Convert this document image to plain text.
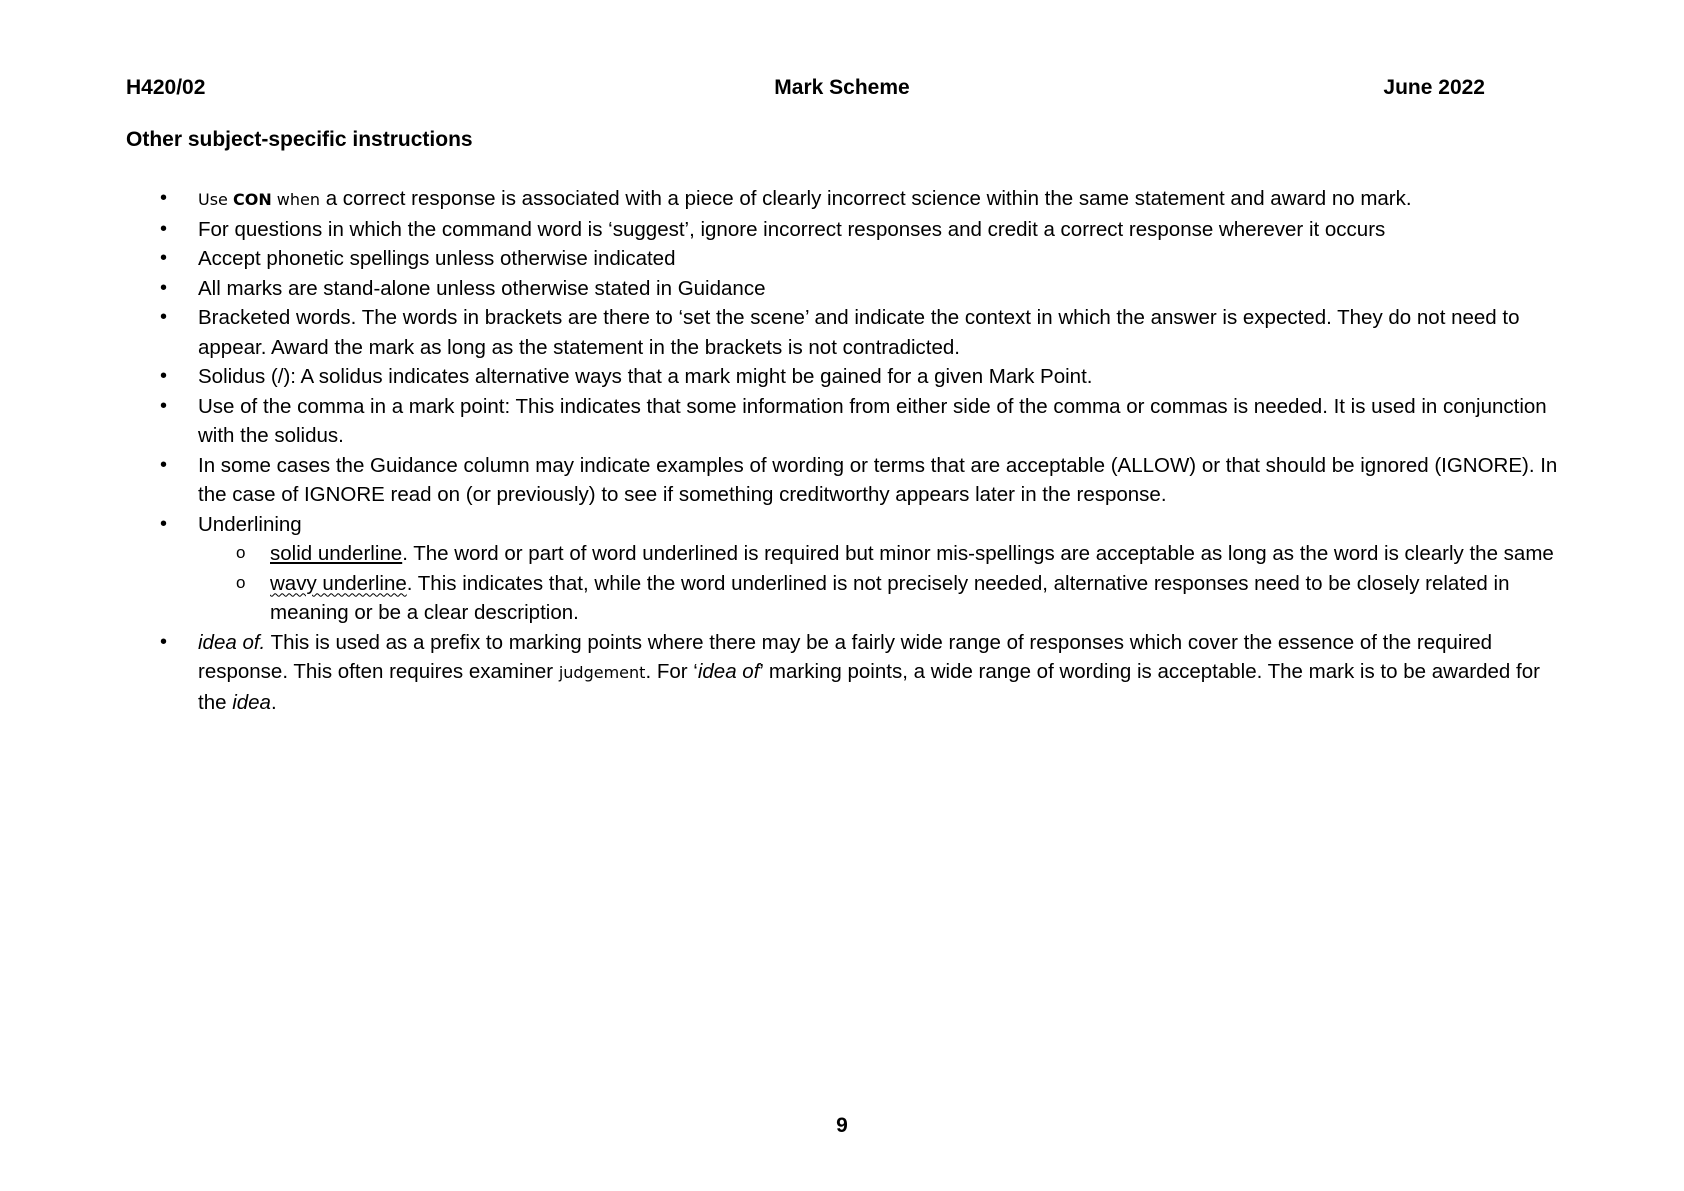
H420/02	Mark Scheme	June 2022
Other subject-specific instructions
• Use CON when a correct response is associated with a piece of clearly incorrect science within the same statement and award no mark.
• For questions in which the command word is ‘suggest’, ignore incorrect responses and credit a correct response wherever it occurs
• Accept phonetic spellings unless otherwise indicated
• All marks are stand-alone unless otherwise stated in Guidance
• Bracketed words. The words in brackets are there to ‘set the scene’ and indicate the context in which the answer is expected. They do not need to appear. Award the mark as long as the statement in the brackets is not contradicted.
• Solidus (/): A solidus indicates alternative ways that a mark might be gained for a given Mark Point.
• Use of the comma in a mark point: This indicates that some information from either side of the comma or commas is needed. It is used in conjunction with the solidus.
• In some cases the Guidance column may indicate examples of wording or terms that are acceptable (ALLOW) or that should be ignored (IGNORE). In the case of IGNORE read on (or previously) to see if something creditworthy appears later in the response.
• Underlining
o solid underline. The word or part of word underlined is required but minor mis-spellings are acceptable as long as the word is clearly the same
o wavy underline. This indicates that, while the word underlined is not precisely needed, alternative responses need to be closely related in meaning or be a clear description.
• idea of. This is used as a prefix to marking points where there may be a fairly wide range of responses which cover the essence of the required response. This often requires examiner judgement. For ‘idea of’ marking points, a wide range of wording is acceptable. The mark is to be awarded for the idea.
9
